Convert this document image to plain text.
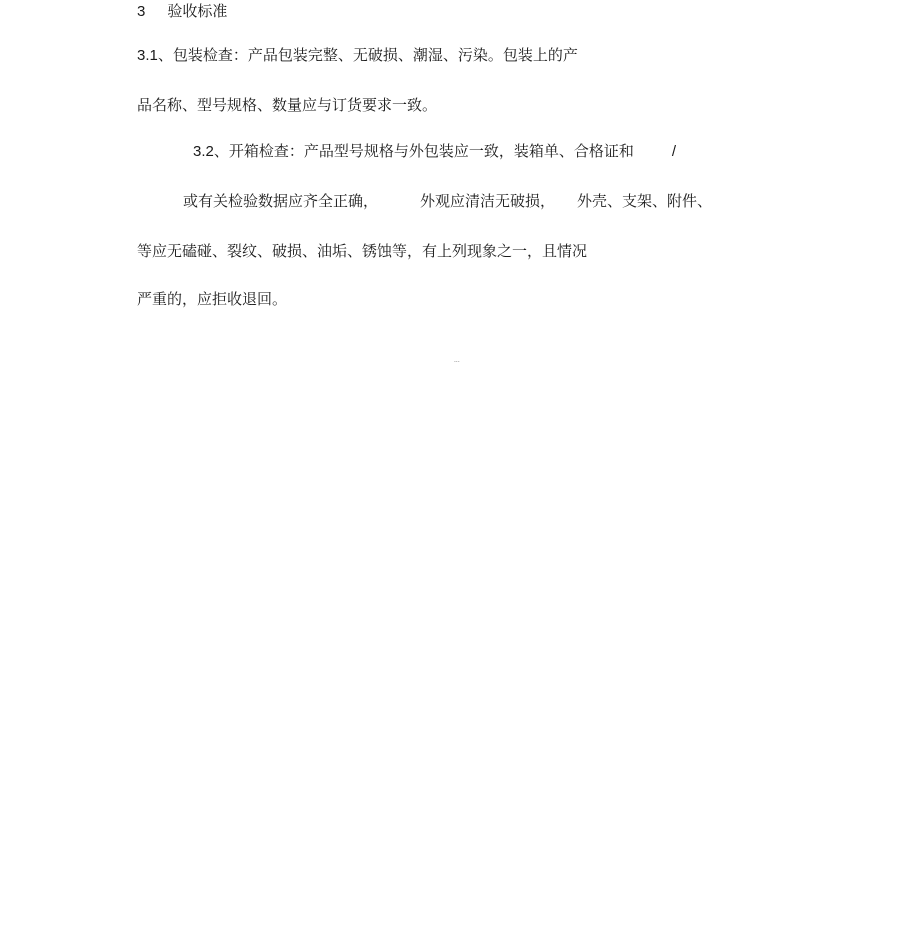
3 验收标准
3.1、包装检查：产品包装完整、无破损、潮湿、污染。包装上的产
品名称、型号规格、数量应与订货要求一致。
3.2、开箱检查：产品型号规格与外包装应一致，装箱单、合格证和	/
或有关检验数据应齐全正确，	外观应清洁无破损， 外壳、支架、附件、
等应无磕碰、裂纹、破损、油垢、锈蚀等，有上列现象之一，且情况
严重的，应拒收退回。
...
